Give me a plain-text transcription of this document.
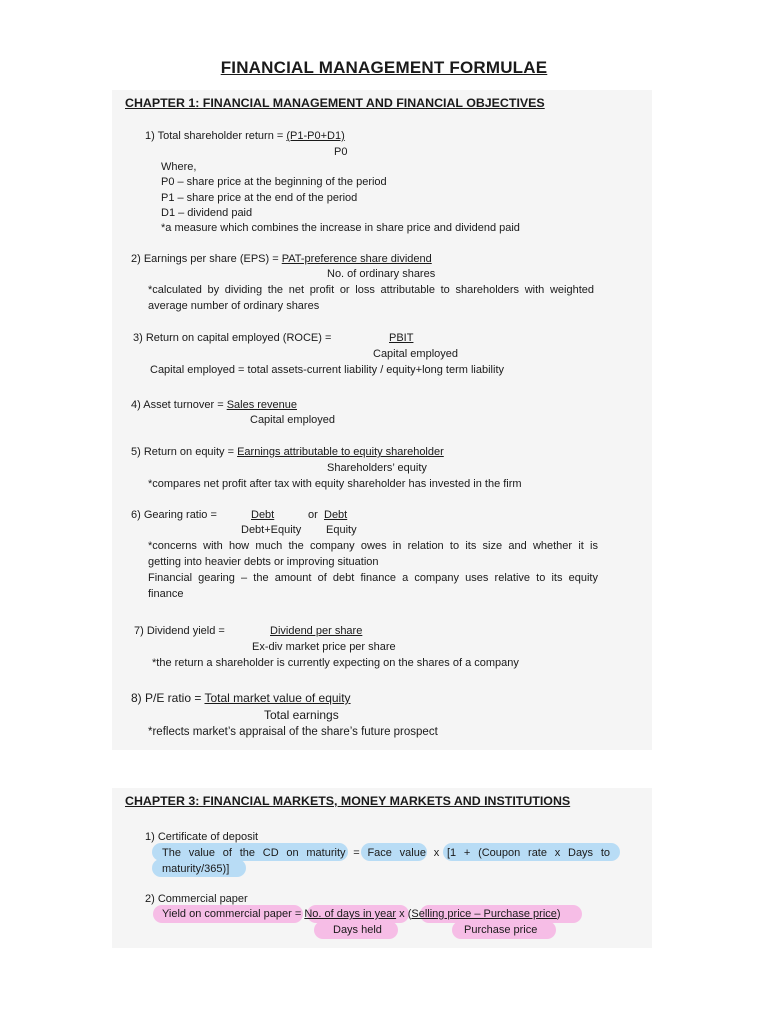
FINANCIAL MANAGEMENT FORMULAE
CHAPTER 1: FINANCIAL MANAGEMENT AND FINANCIAL OBJECTIVES
1) Total shareholder return = (P1-P0+D1)
P0
Where,
P0 – share price at the beginning of the period
P1 – share price at the end of the period
D1 – dividend paid
*a measure which combines the increase in share price and dividend paid
2) Earnings per share (EPS) = PAT-preference share dividend
No. of ordinary shares
*calculated by dividing the net profit or loss attributable to shareholders with weighted
average number of ordinary shares
3) Return on capital employed (ROCE) =	PBIT
Capital employed
Capital employed = total assets-current liability / equity+long term liability
4) Asset turnover = Sales revenue
Capital employed
5) Return on equity = Earnings attributable to equity shareholder
Shareholders’ equity
*compares net profit after tax with equity shareholder has invested in the firm
6) Gearing ratio =	Debt	or Debt
Debt+Equity Equity
*concerns with how much the company owes in relation to its size and whether it is
getting into heavier debts or improving situation
Financial gearing – the amount of debt finance a company uses relative to its equity
finance
7) Dividend yield =	Dividend per share
Ex-div market price per share
*the return a shareholder is currently expecting on the shares of a company
8) P/E ratio = Total market value of equity
Total earnings
*reflects market’s appraisal of the share’s future prospect
CHAPTER 3: FINANCIAL MARKETS, MONEY MARKETS AND INSTITUTIONS
1) Certificate of deposit
The value of the CD on maturity = Face value x [1 + (Coupon rate x Days to
maturity/365)]
2) Commercial paper
Yield on commercial paper = No. of days in year x (Selling price – Purchase price)
Days held	Purchase price
